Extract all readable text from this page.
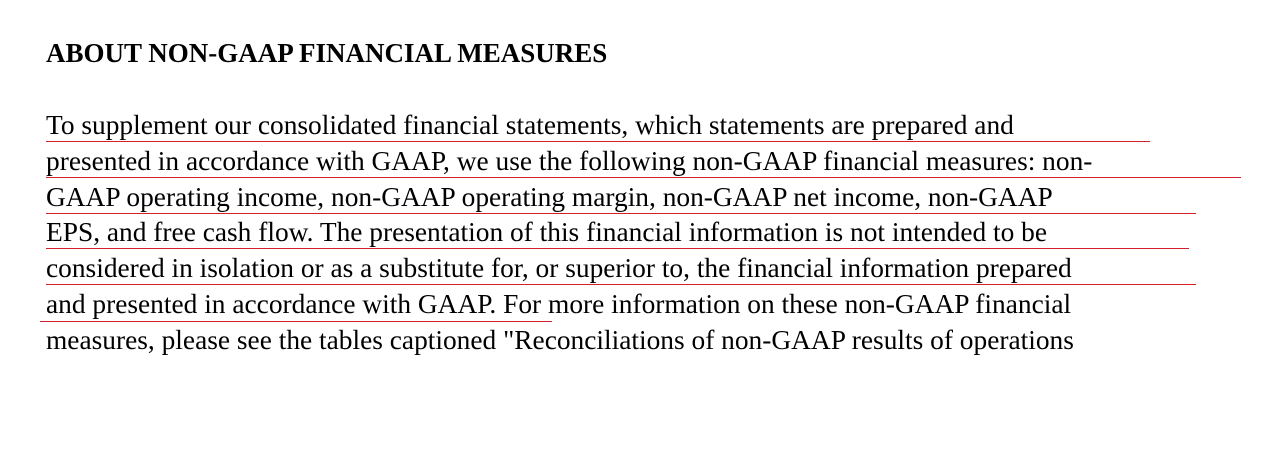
ABOUT NON-GAAP FINANCIAL MEASURES
To supplement our consolidated financial statements, which statements are prepared and
presented in accordance with GAAP, we use the following non-GAAP financial measures: non-
GAAP operating income, non-GAAP operating margin, non-GAAP net income, non-GAAP
EPS, and free cash flow. The presentation of this financial information is not intended to be
considered in isolation or as a substitute for, or superior to, the financial information prepared
and presented in accordance with GAAP. For more information on these non-GAAP financial
measures, please see the tables captioned "Reconciliations of non-GAAP results of operations
